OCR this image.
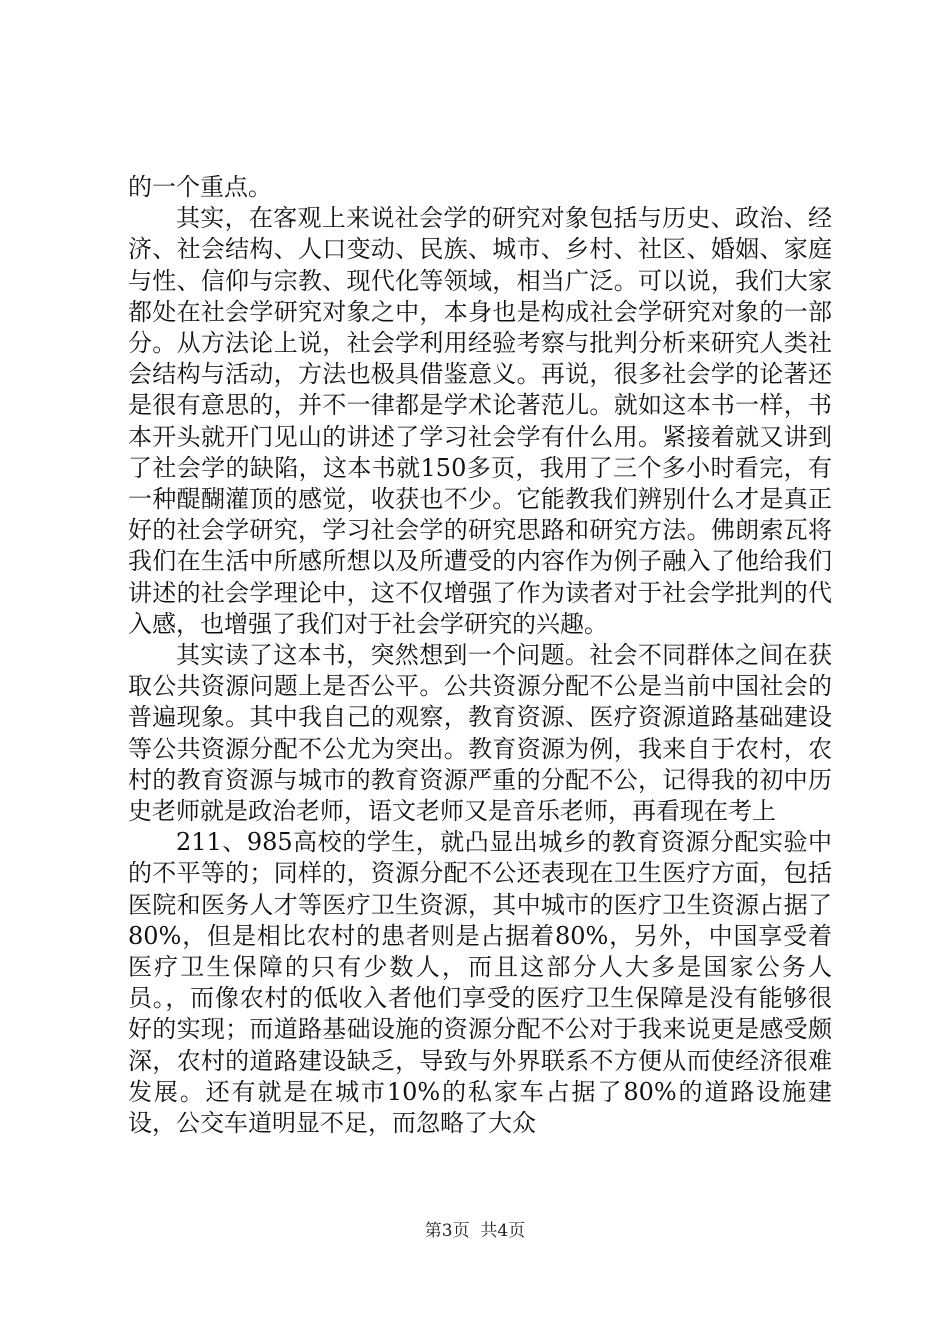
的一个重点。

其实，在客观上来说社会学的研究对象包括与历史、政治、经济、社会结构、人口变动、民族、城市、乡村、社区、婚姻、家庭与性、信仰与宗教、现代化等领域，相当广泛。可以说，我们大家都处在社会学研究对象之中，本身也是构成社会学研究对象的一部分。从方法论上说，社会学利用经验考察与批判分析来研究人类社会结构与活动，方法也极具借鉴意义。再说，很多社会学的论著还是很有意思的，并不一律都是学术论著范儿。就如这本书一样，书本开头就开门见山的讲述了学习社会学有什么用。紧接着就又讲到了社会学的缺陷，这本书就150多页，我用了三个多小时看完，有一种醍醐灌顶的感觉，收获也不少。它能教我们辨别什么才是真正好的社会学研究，学习社会学的研究思路和研究方法。佛朗索瓦将我们在生活中所感所想以及所遭受的内容作为例子融入了他给我们讲述的社会学理论中，这不仅增强了作为读者对于社会学批判的代入感，也增强了我们对于社会学研究的兴趣。

其实读了这本书，突然想到一个问题。社会不同群体之间在获取公共资源问题上是否公平。公共资源分配不公是当前中国社会的普遍现象。其中我自己的观察，教育资源、医疗资源道路基础建设等公共资源分配不公尤为突出。教育资源为例，我来自于农村，农村的教育资源与城市的教育资源严重的分配不公，记得我的初中历史老师就是政治老师，语文老师又是音乐老师，再看现在考上

211、985高校的学生，就凸显出城乡的教育资源分配实验中的不平等的；同样的，资源分配不公还表现在卫生医疗方面，包括医院和医务人才等医疗卫生资源，其中城市的医疗卫生资源占据了80%，但是相比农村的患者则是占据着80%，另外，中国享受着医疗卫生保障的只有少数人，而且这部分人大多是国家公务人员。，而像农村的低收入者他们享受的医疗卫生保障是没有能够很好的实现；而道路基础设施的资源分配不公对于我来说更是感受颇深，农村的道路建设缺乏，导致与外界联系不方便从而使经济很难发展。还有就是在城市10%的私家车占据了80%的道路设施建设，公交车道明显不足，而忽略了大众

第3页  共4页
